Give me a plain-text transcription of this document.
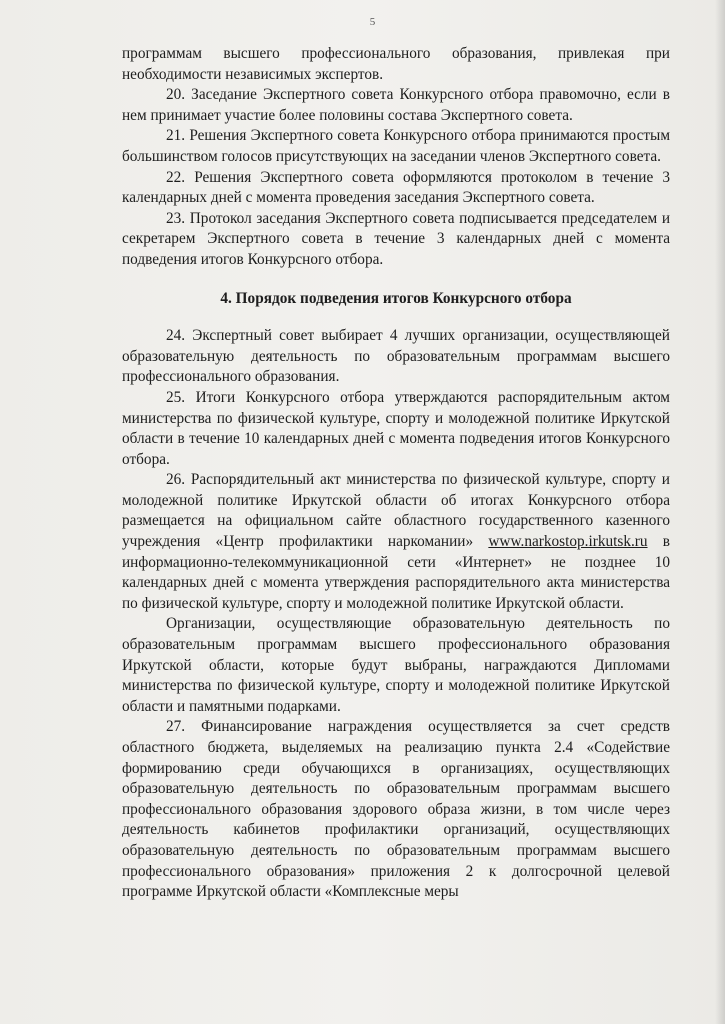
5

программам высшего профессионального образования, привлекая при необходимости независимых экспертов.

20. Заседание Экспертного совета Конкурсного отбора правомочно, если в нем принимает участие более половины состава Экспертного совета.

21. Решения Экспертного совета Конкурсного отбора принимаются простым большинством голосов присутствующих на заседании членов Экспертного совета.

22. Решения Экспертного совета оформляются протоколом в течение 3 календарных дней с момента проведения заседания Экспертного совета.

23. Протокол заседания Экспертного совета подписывается председателем и секретарем Экспертного совета в течение 3 календарных дней с момента подведения итогов Конкурсного отбора.

4. Порядок подведения итогов Конкурсного отбора

24. Экспертный совет выбирает 4 лучших организации, осуществляющей образовательную деятельность по образовательным программам высшего профессионального образования.

25. Итоги Конкурсного отбора утверждаются распорядительным актом министерства по физической культуре, спорту и молодежной политике Иркутской области в течение 10 календарных дней с момента подведения итогов Конкурсного отбора.

26. Распорядительный акт министерства по физической культуре, спорту и молодежной политике Иркутской области об итогах Конкурсного отбора размещается на официальном сайте областного государственного казенного учреждения «Центр профилактики наркомании» www.narkostop.irkutsk.ru в информационно-телекоммуникационной сети «Интернет» не позднее 10 календарных дней с момента утверждения распорядительного акта министерства по физической культуре, спорту и молодежной политике Иркутской области.

Организации, осуществляющие образовательную деятельность по образовательным программам высшего профессионального образования Иркутской области, которые будут выбраны, награждаются Дипломами министерства по физической культуре, спорту и молодежной политике Иркутской области и памятными подарками.

27. Финансирование награждения осуществляется за счет средств областного бюджета, выделяемых на реализацию пункта 2.4 «Содействие формированию среди обучающихся в организациях, осуществляющих образовательную деятельность по образовательным программам высшего профессионального образования здорового образа жизни, в том числе через деятельность кабинетов профилактики организаций, осуществляющих образовательную деятельность по образовательным программам высшего профессионального образования» приложения 2 к долгосрочной целевой программе Иркутской области «Комплексные меры
